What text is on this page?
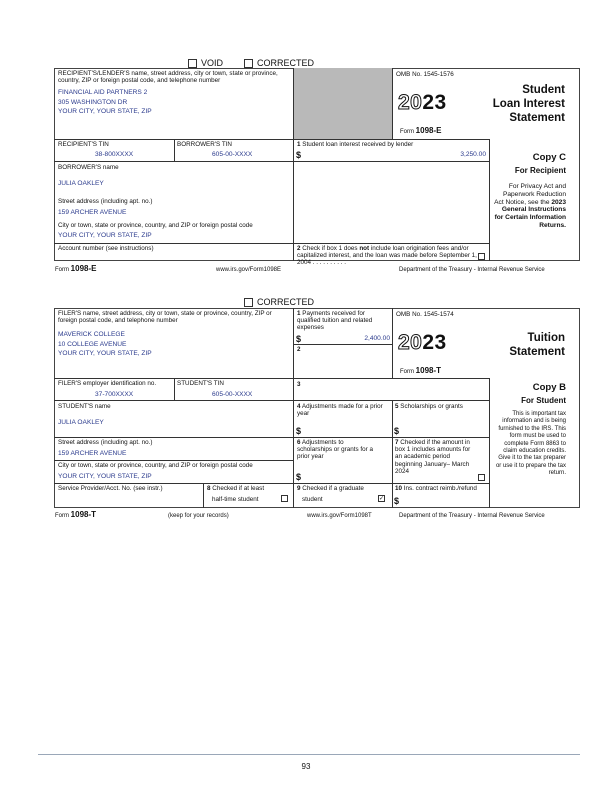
VOID	CORRECTED
RECIPIENT'S/LENDER'S name, street address, city or town, state or province, country, ZIP or foreign postal code, and telephone number
FINANCIAL AID PARTNERS 2
305 WASHINGTON DR
YOUR CITY, YOUR STATE, ZIP
OMB No. 1545-1576
2023
Form 1098-E
Student
Loan Interest
Statement
RECIPIENT'S TIN
38-800XXXX
BORROWER'S TIN
605-00-XXXX
1 Student loan interest received by lender
$	3,250.00	Copy C
For Recipient
BORROWER'S name
JULIA OAKLEY
Street address (including apt. no.)
159 ARCHER AVENUE
City or town, state or province, country, and ZIP or foreign postal code
YOUR CITY, YOUR STATE, ZIP
Account number (see instructions)	2 Check if box 1 does not include loan origination fees and/or capitalized interest, and the loan was made before September 1, 2004 . . . . . . . . . .
For Privacy Act and Paperwork Reduction Act Notice, see the 2023 General Instructions for Certain Information Returns.
Form 1098-E	www.irs.gov/Form1098E	Department of the Treasury - Internal Revenue Service
CORRECTED
FILER'S name, street address, city or town, state or province, country, ZIP or foreign postal code, and telephone number
MAVERICK COLLEGE
10 COLLEGE AVENUE
YOUR CITY, YOUR STATE, ZIP
1 Payments received for qualified tuition and related expenses
$	2,400.00
2
OMB No. 1545-1574
2023
Form 1098-T
Tuition
Statement
FILER'S employer identification no.
37-700XXXX
STUDENT'S TIN
605-00-XXXX
3	Copy B
For Student
STUDENT'S name
JULIA OAKLEY
4 Adjustments made for a prior year
$
5 Scholarships or grants
$
Street address (including apt. no.)
159 ARCHER AVENUE
City or town, state or province, country, and ZIP or foreign postal code
YOUR CITY, YOUR STATE, ZIP
6 Adjustments to scholarships or grants for a prior year
$
7 Checked if the amount in box 1 includes amounts for an academic period beginning January– March 2024
Service Provider/Acct. No. (see instr.)	8 Checked if at least
half-time student
9 Checked if a graduate
student	✓
10 Ins. contract reimb./refund
$
This is important tax information and is being furnished to the IRS. This form must be used to complete Form 8863 to claim education credits. Give it to the tax preparer or use it to prepare the tax return.
Form 1098-T	(keep for your records)	www.irs.gov/Form1098T	Department of the Treasury - Internal Revenue Service
93
